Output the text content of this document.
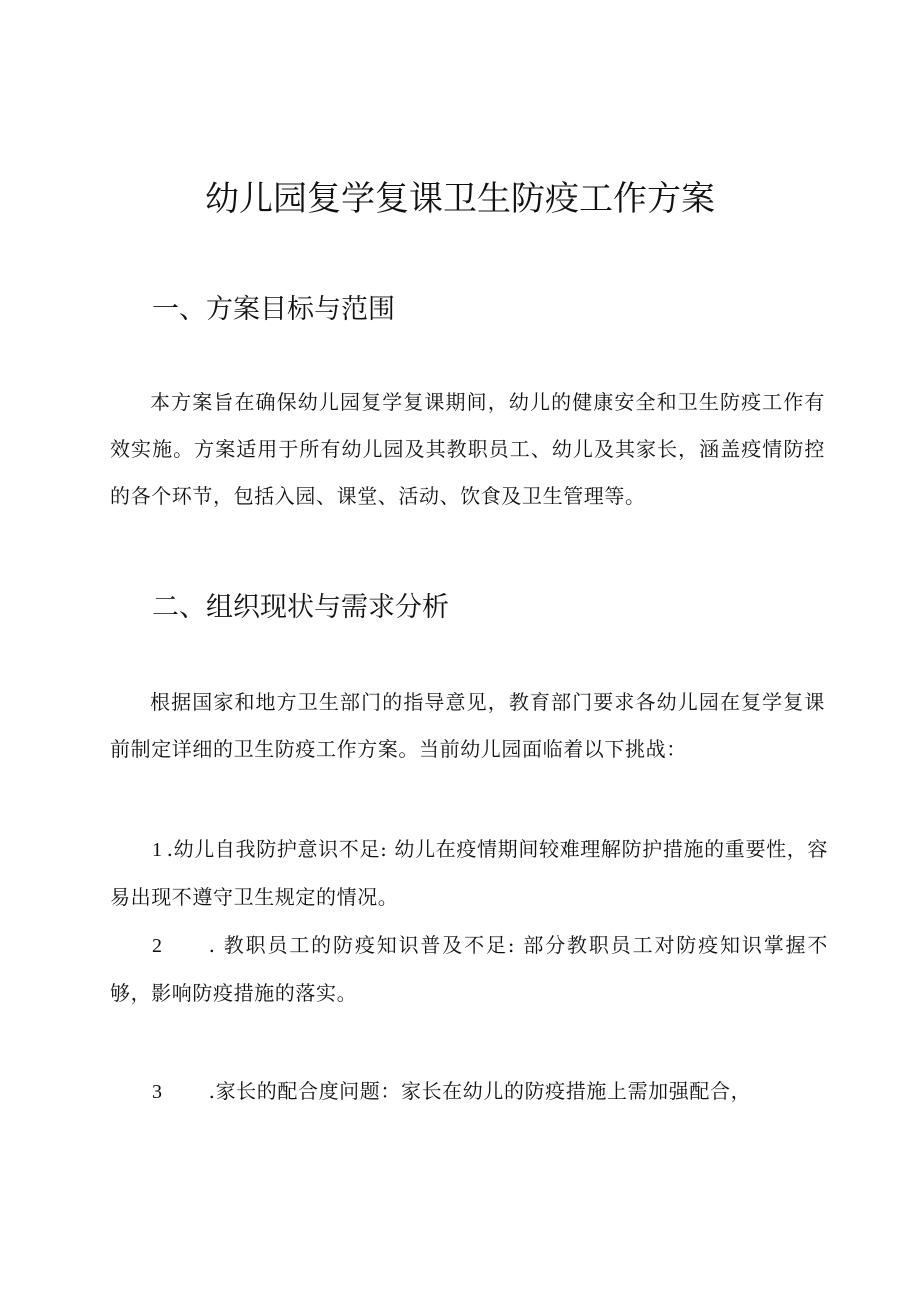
幼儿园复学复课卫生防疫工作方案
一、方案目标与范围
本方案旨在确保幼儿园复学复课期间，幼儿的健康安全和卫生防疫工作有效实施。方案适用于所有幼儿园及其教职员工、幼儿及其家长，涵盖疫情防控的各个环节，包括入园、课堂、活动、饮食及卫生管理等。
二、组织现状与需求分析
根据国家和地方卫生部门的指导意见，教育部门要求各幼儿园在复学复课前制定详细的卫生防疫工作方案。当前幼儿园面临着以下挑战：
1 .幼儿自我防护意识不足: 幼儿在疫情期间较难理解防护措施的重要性，容易出现不遵守卫生规定的情况。
2 . 教职员工的防疫知识普及不足: 部分教职员工对防疫知识掌握不够，影响防疫措施的落实。
3 .家长的配合度问题：家长在幼儿的防疫措施上需加强配合，
